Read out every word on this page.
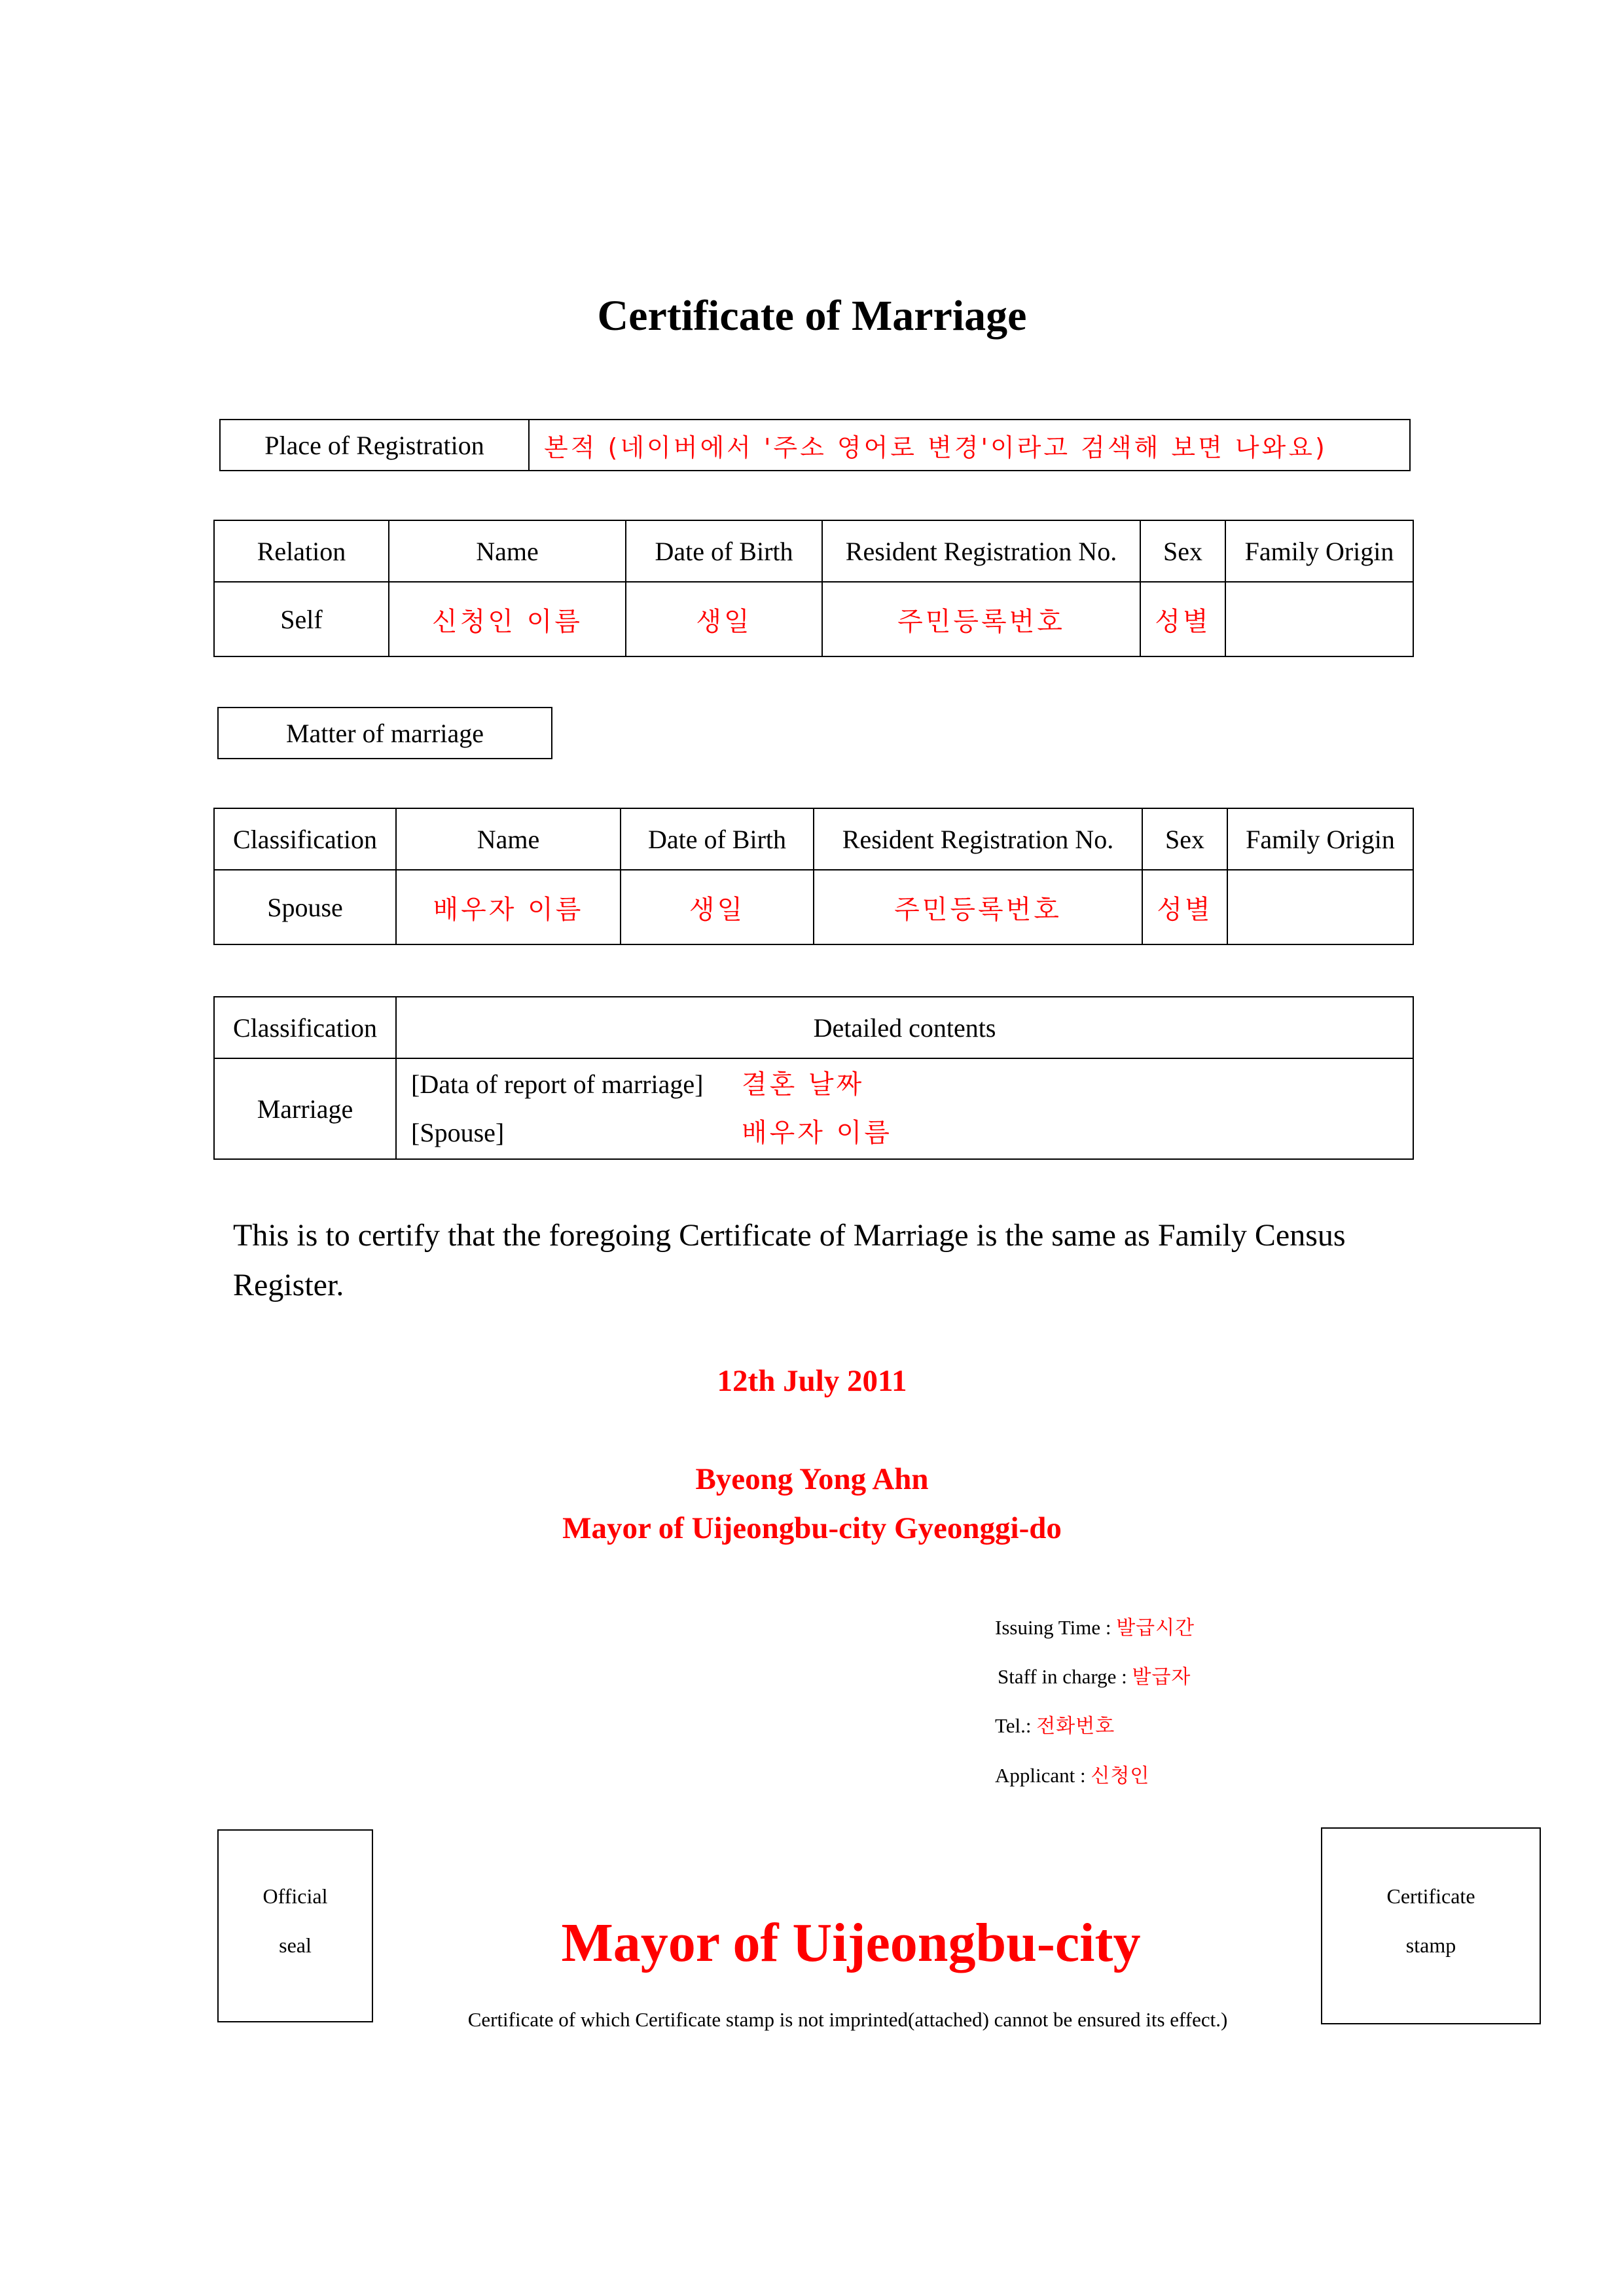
Certificate of Marriage
Place of Registration	본적 (네이버에서 '주소 영어로 변경'이라고 검색해 보면 나와요)
Relation	Name	Date of Birth	Resident Registration No.	Sex	Family Origin
Self	신청인 이름	생일	주민등록번호	성별	
Matter of marriage
Classification	Name	Date of Birth	Resident Registration No.	Sex	Family Origin
Spouse	배우자 이름	생일	주민등록번호	성별	
Classification	Detailed contents
Marriage	[Data of report of marriage] 결혼 날짜
[Spouse] 배우자 이름
This is to certify that the foregoing Certificate of Marriage is the same as Family Census Register.
12th July 2011
Byeong Yong Ahn
Mayor of Uijeongbu-city Gyeonggi-do
Issuing Time : 발급시간
Staff in charge : 발급자
Tel.: 전화번호
Applicant : 신청인
Official
seal
Certificate
stamp
Mayor of Uijeongbu-city
Certificate of which Certificate stamp is not imprinted(attached) cannot be ensured its effect.)
